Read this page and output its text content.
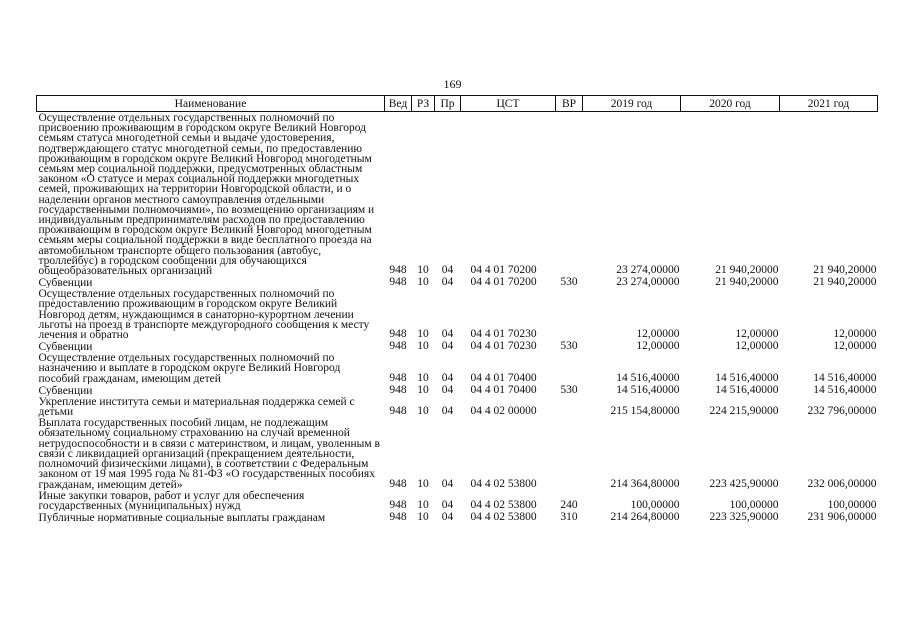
169
Наименование	Вед	РЗ	Пр	ЦСТ	ВР	2019 год	2020 год	2021 год
Осуществление отдельных государственных полномочий по присвоению проживающим в городском округе Великий Новгород семьям статуса многодетной семьи и выдаче удостоверения, подтверждающего статус многодетной семьи, по предоставлению проживающим в городском округе Великий Новгород многодетным семьям мер социальной поддержки, предусмотренных областным законом «О статусе и мерах социальной поддержки многодетных семей, проживающих на территории Новгородской области, и о наделении органов местного самоуправления отдельными государственными полномочиями», по возмещению организациям и индивидуальным предпринимателям расходов по предоставлению проживающим в городском округе Великий Новгород многодетным семьям меры социальной поддержки в виде бесплатного проезда на автомобильном транспорте общего пользования (автобус, троллейбус) в городском сообщении для обучающихся общеобразовательных организаций	948	10	04	04 4 01 70200		23 274,00000	21 940,20000	21 940,20000
Субвенции	948	10	04	04 4 01 70200	530	23 274,00000	21 940,20000	21 940,20000
Осуществление отдельных государственных полномочий по предоставлению проживающим в городском округе Великий Новгород детям, нуждающимся в санаторно-курортном лечении льготы на проезд в транспорте междугородного сообщения к месту лечения и обратно	948	10	04	04 4 01 70230		12,00000	12,00000	12,00000
Субвенции	948	10	04	04 4 01 70230	530	12,00000	12,00000	12,00000
Осуществление отдельных государственных полномочий по назначению и выплате в городском округе Великий Новгород пособий гражданам, имеющим детей	948	10	04	04 4 01 70400		14 516,40000	14 516,40000	14 516,40000
Субвенции	948	10	04	04 4 01 70400	530	14 516,40000	14 516,40000	14 516,40000
Укрепление института семьи и материальная поддержка семей с детьми	948	10	04	04 4 02 00000		215 154,80000	224 215,90000	232 796,00000
Выплата государственных пособий лицам, не подлежащим обязательному социальному страхованию на случай временной нетрудоспособности и в связи с материнством, и лицам, уволенным в связи с ликвидацией организаций (прекращением деятельности, полномочий физическими лицами), в соответствии с Федеральным законом от 19 мая 1995 года № 81-ФЗ «О государственных пособиях гражданам, имеющим детей»	948	10	04	04 4 02 53800		214 364,80000	223 425,90000	232 006,00000
Иные закупки товаров, работ и услуг для обеспечения государственных (муниципальных) нужд	948	10	04	04 4 02 53800	240	100,00000	100,00000	100,00000
Публичные нормативные социальные выплаты гражданам	948	10	04	04 4 02 53800	310	214 264,80000	223 325,90000	231 906,00000
